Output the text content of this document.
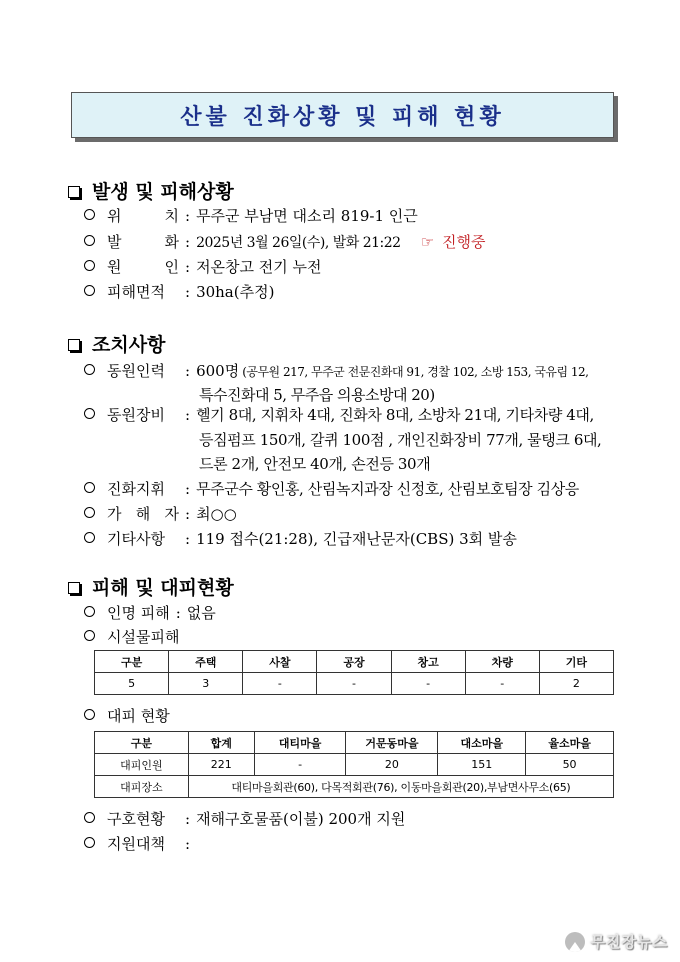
산불 진화상황 및 피해 현황
발생 및 피해상황
위	치 : 무주군 부남면 대소리 819-1 인근
발	화 : 2025년 3월 26일(수), 발화 21:22 ☞ 진행중
원	인 : 저온창고 전기 누전
피해면적	: 30ha(추정)
조치사항
동원인력	: 600명 (공무원 217, 무주군 전문진화대 91, 경찰 102, 소방 153, 국유림 12,
특수진화대 5, 무주읍 의용소방대 20)
동원장비	: 헬기 8대, 지휘차 4대, 진화차 8대, 소방차 21대, 기타차량 4대,
등짐펌프 150개, 갈퀴 100점 , 개인진화장비 77개, 물탱크 6대,
드론 2개, 안전모 40개, 손전등 30개
진화지휘	: 무주군수 황인홍, 산림녹지과장 신정호, 산림보호팀장 김상응
가 해 자 : 최○○
기타사항	: 119 접수(21:28), 긴급재난문자(CBS) 3회 발송
피해 및 대피현황
인명 피해 : 없음
시설물피해
구분	주택	사찰	공장	창고	차량	기타
5	3	-	-	-	-	2
대피 현황
구분	합계	대티마을	거문동마을	대소마을	율소마을
대피인원	221	-	20	151	50
대피장소	대티마을회관(60), 다목적회관(76), 이동마을회관(20),부남면사무소(65)				
구호현황	: 재해구호물품(이불) 200개 지원
지원대책	:
무진장뉴스
